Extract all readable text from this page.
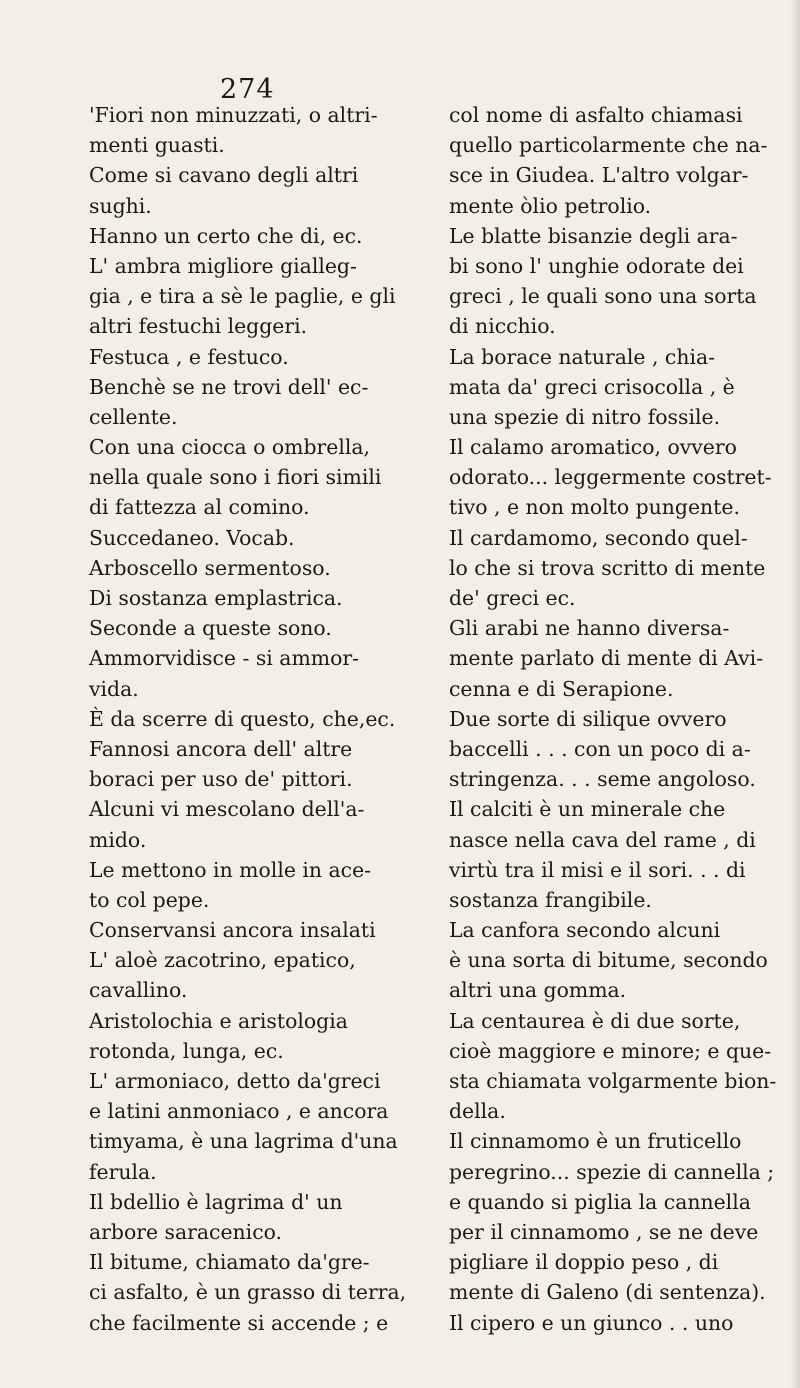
274
'Fiori non minuzzati, o altri-
menti guasti.
Come si cavano degli altri
sughi.
Hanno un certo che di, ec.
L' ambra migliore gialleg-
gia , e tira a sè le paglie, e gli
altri festuchi leggeri.
Festuca , e festuco.
Benchè se ne trovi dell' ec-
cellente.
Con una ciocca o ombrella,
nella quale sono i fiori simili
di fattezza al comino.
Succedaneo. Vocab.
Arboscello sermentoso.
Di sostanza emplastrica.
Seconde a queste sono.
Ammorvidisce - si ammor-
vida.
È da scerre di questo, che,ec.
Fannosi ancora dell' altre
boraci per uso de' pittori.
Alcuni vi mescolano dell'a-
mido.
Le mettono in molle in ace-
to col pepe.
Conservansi ancora insalati
L' aloè zacotrino, epatico,
cavallino.
Aristolochia e aristologia
rotonda, lunga, ec.
L' armoniaco, detto da'greci
e latini anmoniaco , e ancora
timyama, è una lagrima d'una
ferula.
Il bdellio è lagrima d' un
arbore saracenico.
Il bitume, chiamato da'gre-
ci asfalto, è un grasso di terra,
che facilmente si accende ; e
col nome di asfalto chiamasi
quello particolarmente che na-
sce in Giudea. L'altro volgar-
mente òlio petrolio.
Le blatte bisanzie degli ara-
bi sono l' unghie odorate dei
greci , le quali sono una sorta
di nicchio.
La borace naturale , chia-
mata da' greci crisocolla , è
una spezie di nitro fossile.
Il calamo aromatico, ovvero
odorato... leggermente costret-
tivo , e non molto pungente.
Il cardamomo, secondo quel-
lo che si trova scritto di mente
de' greci ec.
Gli arabi ne hanno diversa-
mente parlato di mente di Avi-
cenna e di Serapione.
Due sorte di silique ovvero
baccelli . . . con un poco di a-
stringenza. . . seme angoloso.
Il calciti è un minerale che
nasce nella cava del rame , di
virtù tra il misi e il sori. . . di
sostanza frangibile.
La canfora secondo alcuni
è una sorta di bitume, secondo
altri una gomma.
La centaurea è di due sorte,
cioè maggiore e minore; e que-
sta chiamata volgarmente bion-
della.
Il cinnamomo è un fruticello
peregrino... spezie di cannella ;
e quando si piglia la cannella
per il cinnamomo , se ne deve
pigliare il doppio peso , di
mente di Galeno (di sentenza).
Il cipero e un giunco . . uno
